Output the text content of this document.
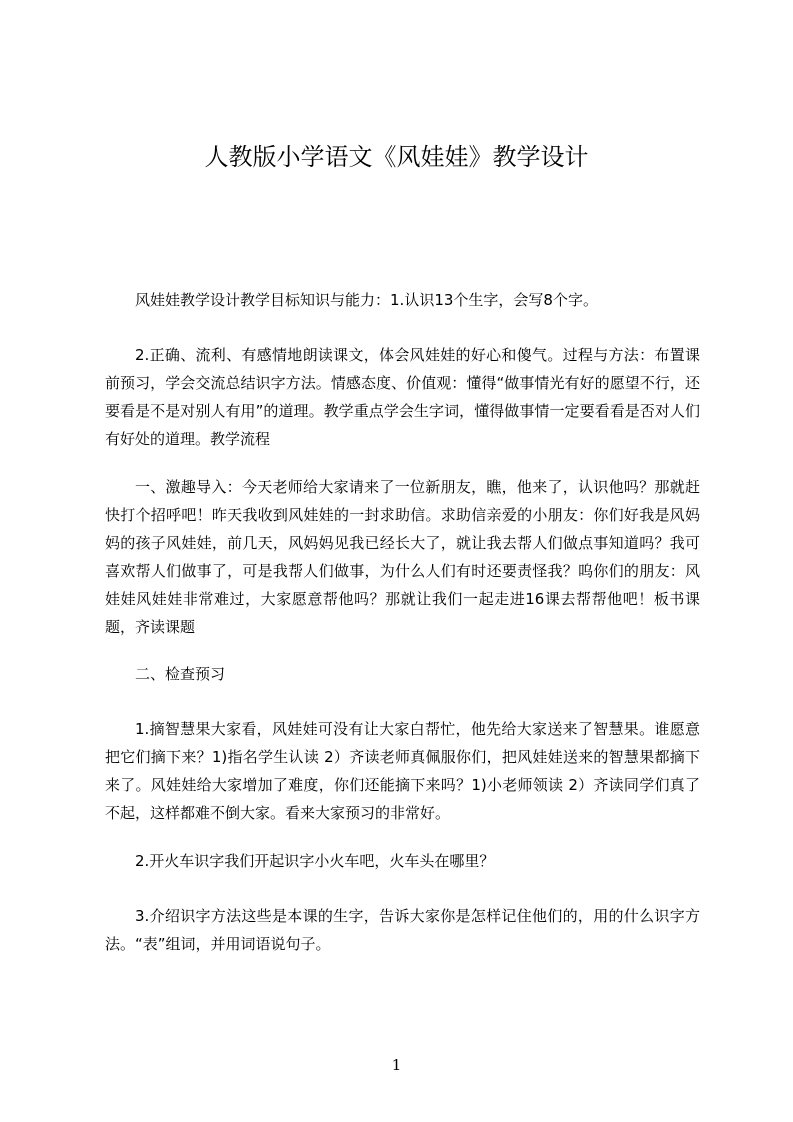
人教版小学语文《风娃娃》教学设计

风娃娃教学设计教学目标知识与能力：1.认识13个生字，会写8个字。

2.正确、流利、有感情地朗读课文，体会风娃娃的好心和傻气。过程与方法：布置课前预习，学会交流总结识字方法。情感态度、价值观：懂得“做事情光有好的愿望不行，还要看是不是对别人有用”的道理。教学重点学会生字词，懂得做事情一定要看看是否对人们有好处的道理。教学流程

一、激趣导入：今天老师给大家请来了一位新朋友，瞧，他来了，认识他吗？那就赶快打个招呼吧！昨天我收到风娃娃的一封求助信。求助信亲爱的小朋友：你们好我是风妈妈的孩子风娃娃，前几天，风妈妈见我已经长大了，就让我去帮人们做点事知道吗？我可喜欢帮人们做事了，可是我帮人们做事，为什么人们有时还要责怪我？呜你们的朋友：风娃娃风娃娃非常难过，大家愿意帮他吗？那就让我们一起走进16课去帮帮他吧！板书课题，齐读课题

二、检查预习

1.摘智慧果大家看，风娃娃可没有让大家白帮忙，他先给大家送来了智慧果。谁愿意把它们摘下来？1)指名学生认读 2）齐读老师真佩服你们，把风娃娃送来的智慧果都摘下来了。风娃娃给大家增加了难度，你们还能摘下来吗？1)小老师领读 2）齐读同学们真了不起，这样都难不倒大家。看来大家预习的非常好。

2.开火车识字我们开起识字小火车吧，火车头在哪里？

3.介绍识字方法这些是本课的生字，告诉大家你是怎样记住他们的，用的什么识字方法。“表”组词，并用词语说句子。

1
